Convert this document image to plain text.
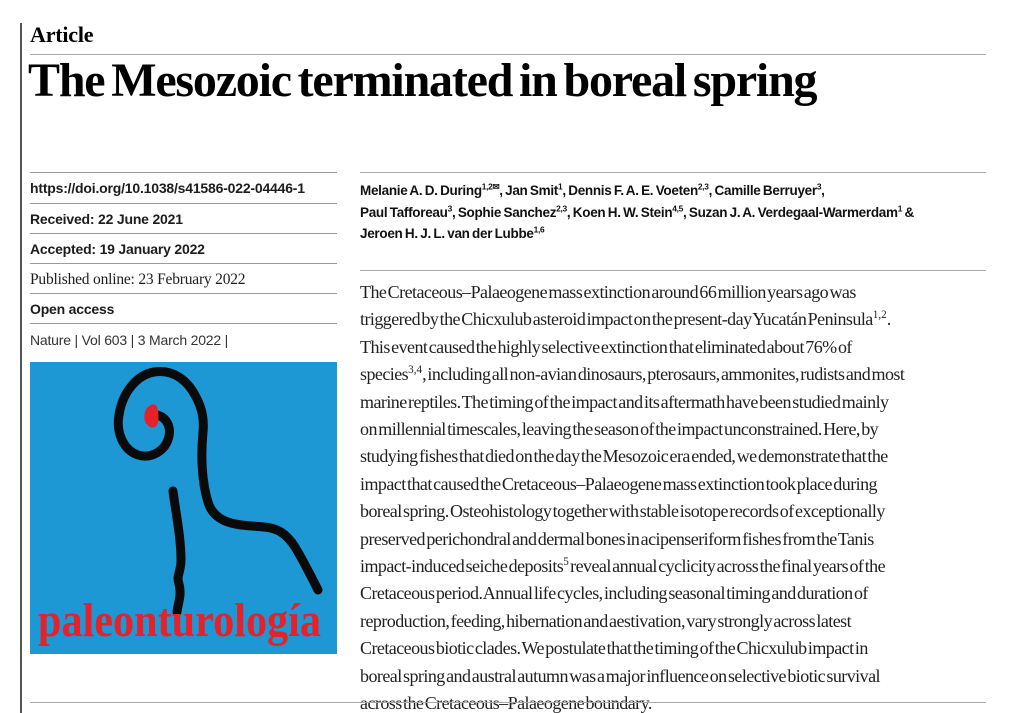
Article
The Mesozoic terminated in boreal spring
https://doi.org/10.1038/s41586-022-04446-1
Received: 22 June 2021
Accepted: 19 January 2022
Published online: 23 February 2022
Open access
Nature | Vol 603 | 3 March 2022 |
paleonturología
Melanie A. D. During$^{1,2✉}$, Jan Smit$^1$, Dennis F. A. E. Voeten$^{2,3}$, Camille Berruyer$^3$,
Paul Tafforeau$^3$, Sophie Sanchez$^{2,3}$, Koen H. W. Stein$^{4,5}$, Suzan J. A. Verdegaal-Warmerdam$^1$ &
Jeroen H. J. L. van der Lubbe$^{1,6}$
The Cretaceous–Palaeogene mass extinction around 66 million years ago was triggered by the Chicxulub asteroid impact on the present-day Yucatán Peninsula$^{1,2}$. This event caused the highly selective extinction that eliminated about 76% of species$^{3,4}$, including all non-avian dinosaurs, pterosaurs, ammonites, rudists and most marine reptiles. The timing of the impact and its aftermath have been studied mainly on millennial timescales, leaving the season of the impact unconstrained. Here, by studying fishes that died on the day the Mesozoic era ended, we demonstrate that the impact that caused the Cretaceous–Palaeogene mass extinction took place during boreal spring. Osteohistology together with stable isotope records of exceptionally preserved perichondral and dermal bones in acipenseriform fishes from the Tanis impact-induced seiche deposits$^5$ reveal annual cyclicity across the final years of the Cretaceous period. Annual life cycles, including seasonal timing and duration of reproduction, feeding, hibernation and aestivation, vary strongly across latest Cretaceous biotic clades. We postulate that the timing of the Chicxulub impact in boreal spring and austral autumn was a major influence on selective biotic survival across the Cretaceous–Palaeogene boundary.
